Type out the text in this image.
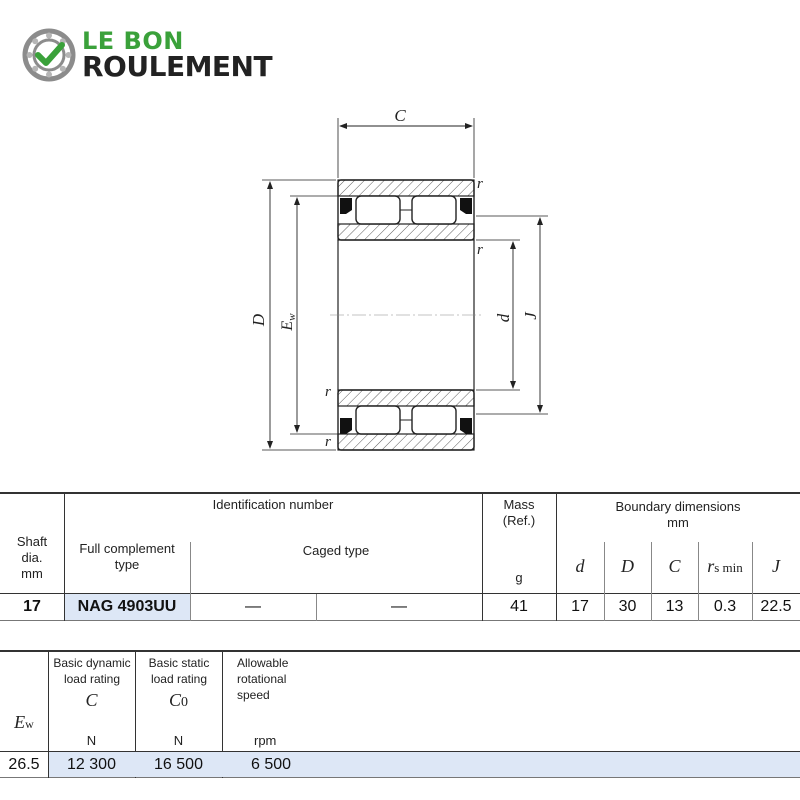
LE BON
ROULEMENT
C
D Ew	d J
r
r
r
r
Shaft
dia.
mm
Identification number
Full complement
type
Caged type
Mass
(Ref.)
g
Boundary dimensions
mm
d	D	C	rs min	J
17	NAG 4903UU	—	—	41	17	30	13	0.3	22.5
Ew
Basic dynamic
load rating
C
N
Basic static
load rating
C0
N
Allowable
rotational
speed
rpm
26.5	12 300	16 500	6 500
